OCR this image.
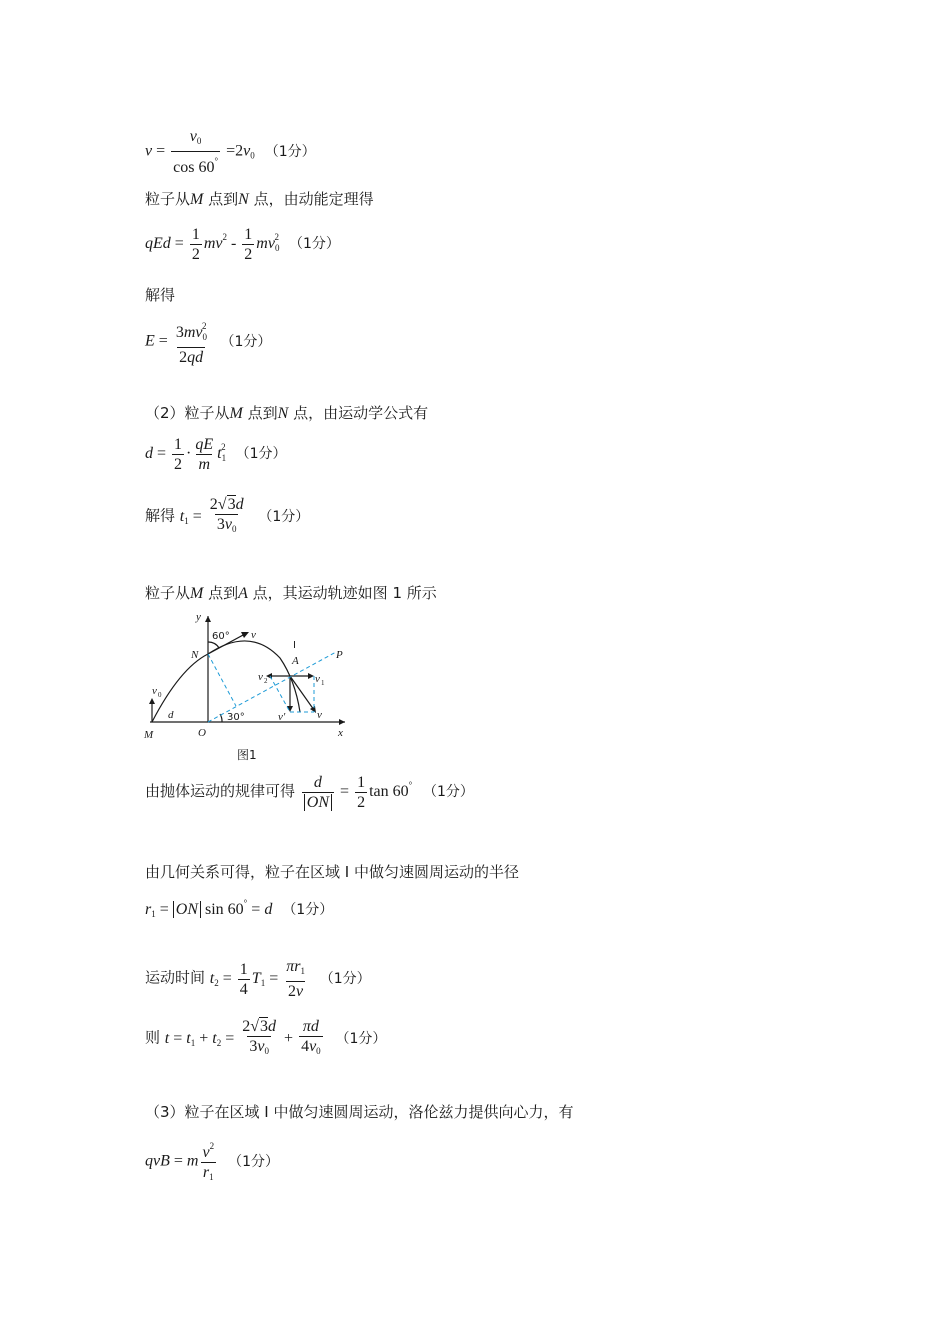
$v = \frac{v_0}{\cos 60^\circ} =2v_0$ （1分）
粒子从M 点到N 点，由动能定理得
qEd = $\frac{1}{2} mv^2 - \frac{1}{2} mv_0^2$ （1分）
解得
$E = \frac{3mv_0^2}{2qd} (1$分）
（2）粒子从M 点到N 点，由运动学公式有
$d = \frac{1}{2} \cdot \frac{qE}{m} t_1^2$ （1分）
解得 $t_1 = \frac{2√3d}{3v_0} (1$分）
粒子从M 点到A 点，其运动轨迹如图 1 所示
y
x
O
M
N	A	P
d
v 0
v
v 1
v 2
v'	v
I
60°
30°
图1
由抛体运动的规律可得 $\frac{d}{ON} = \frac{1}{2}$ tan 60° （1分）
由几何关系可得，粒子在区域 I 中做匀速圆周运动的半径
$r_1$ = ON sin 60° = d （1分）
运动时间 $t_2 = \frac{1}{4} T_1 = \frac{\pi r_1}{2v} (1$分）
则 $t = t_1 + t_2 = \frac{2√3d}{3v_0} + \frac{\pi d}{4v_0} (1$分）
（3）粒子在区域 I 中做匀速圆周运动，洛伦兹力提供向心力，有
qvB = m $\frac{v^2}{r_1} (1$分）
